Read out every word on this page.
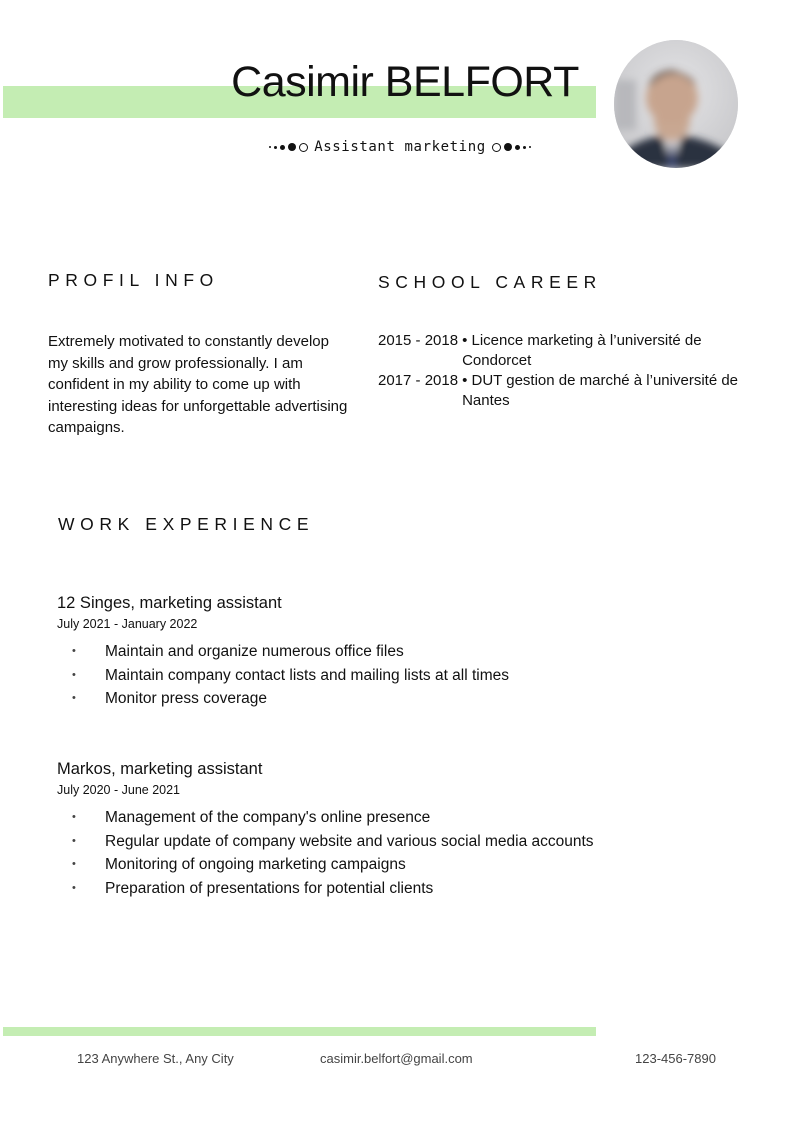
Casimir BELFORT
Assistant marketing
PROFIL INFO
Extremely motivated to constantly develop my skills and grow professionally. I am confident in my ability to come up with interesting ideas for unforgettable advertising campaigns.
SCHOOL CAREER
2015 - 2018 • Licence marketing à l’université de Condorcet
2017 - 2018 • DUT gestion de marché à l’université de Nantes
WORK EXPERIENCE
12 Singes, marketing assistant
July 2021 - January 2022
• Maintain and organize numerous office files
• Maintain company contact lists and mailing lists at all times
• Monitor press coverage
Markos, marketing assistant
July 2020 - June 2021
• Management of the company's online presence
• Regular update of company website and various social media accounts
• Monitoring of ongoing marketing campaigns
• Preparation of presentations for potential clients
123 Anywhere St., Any City	casimir.belfort@gmail.com	123-456-7890
